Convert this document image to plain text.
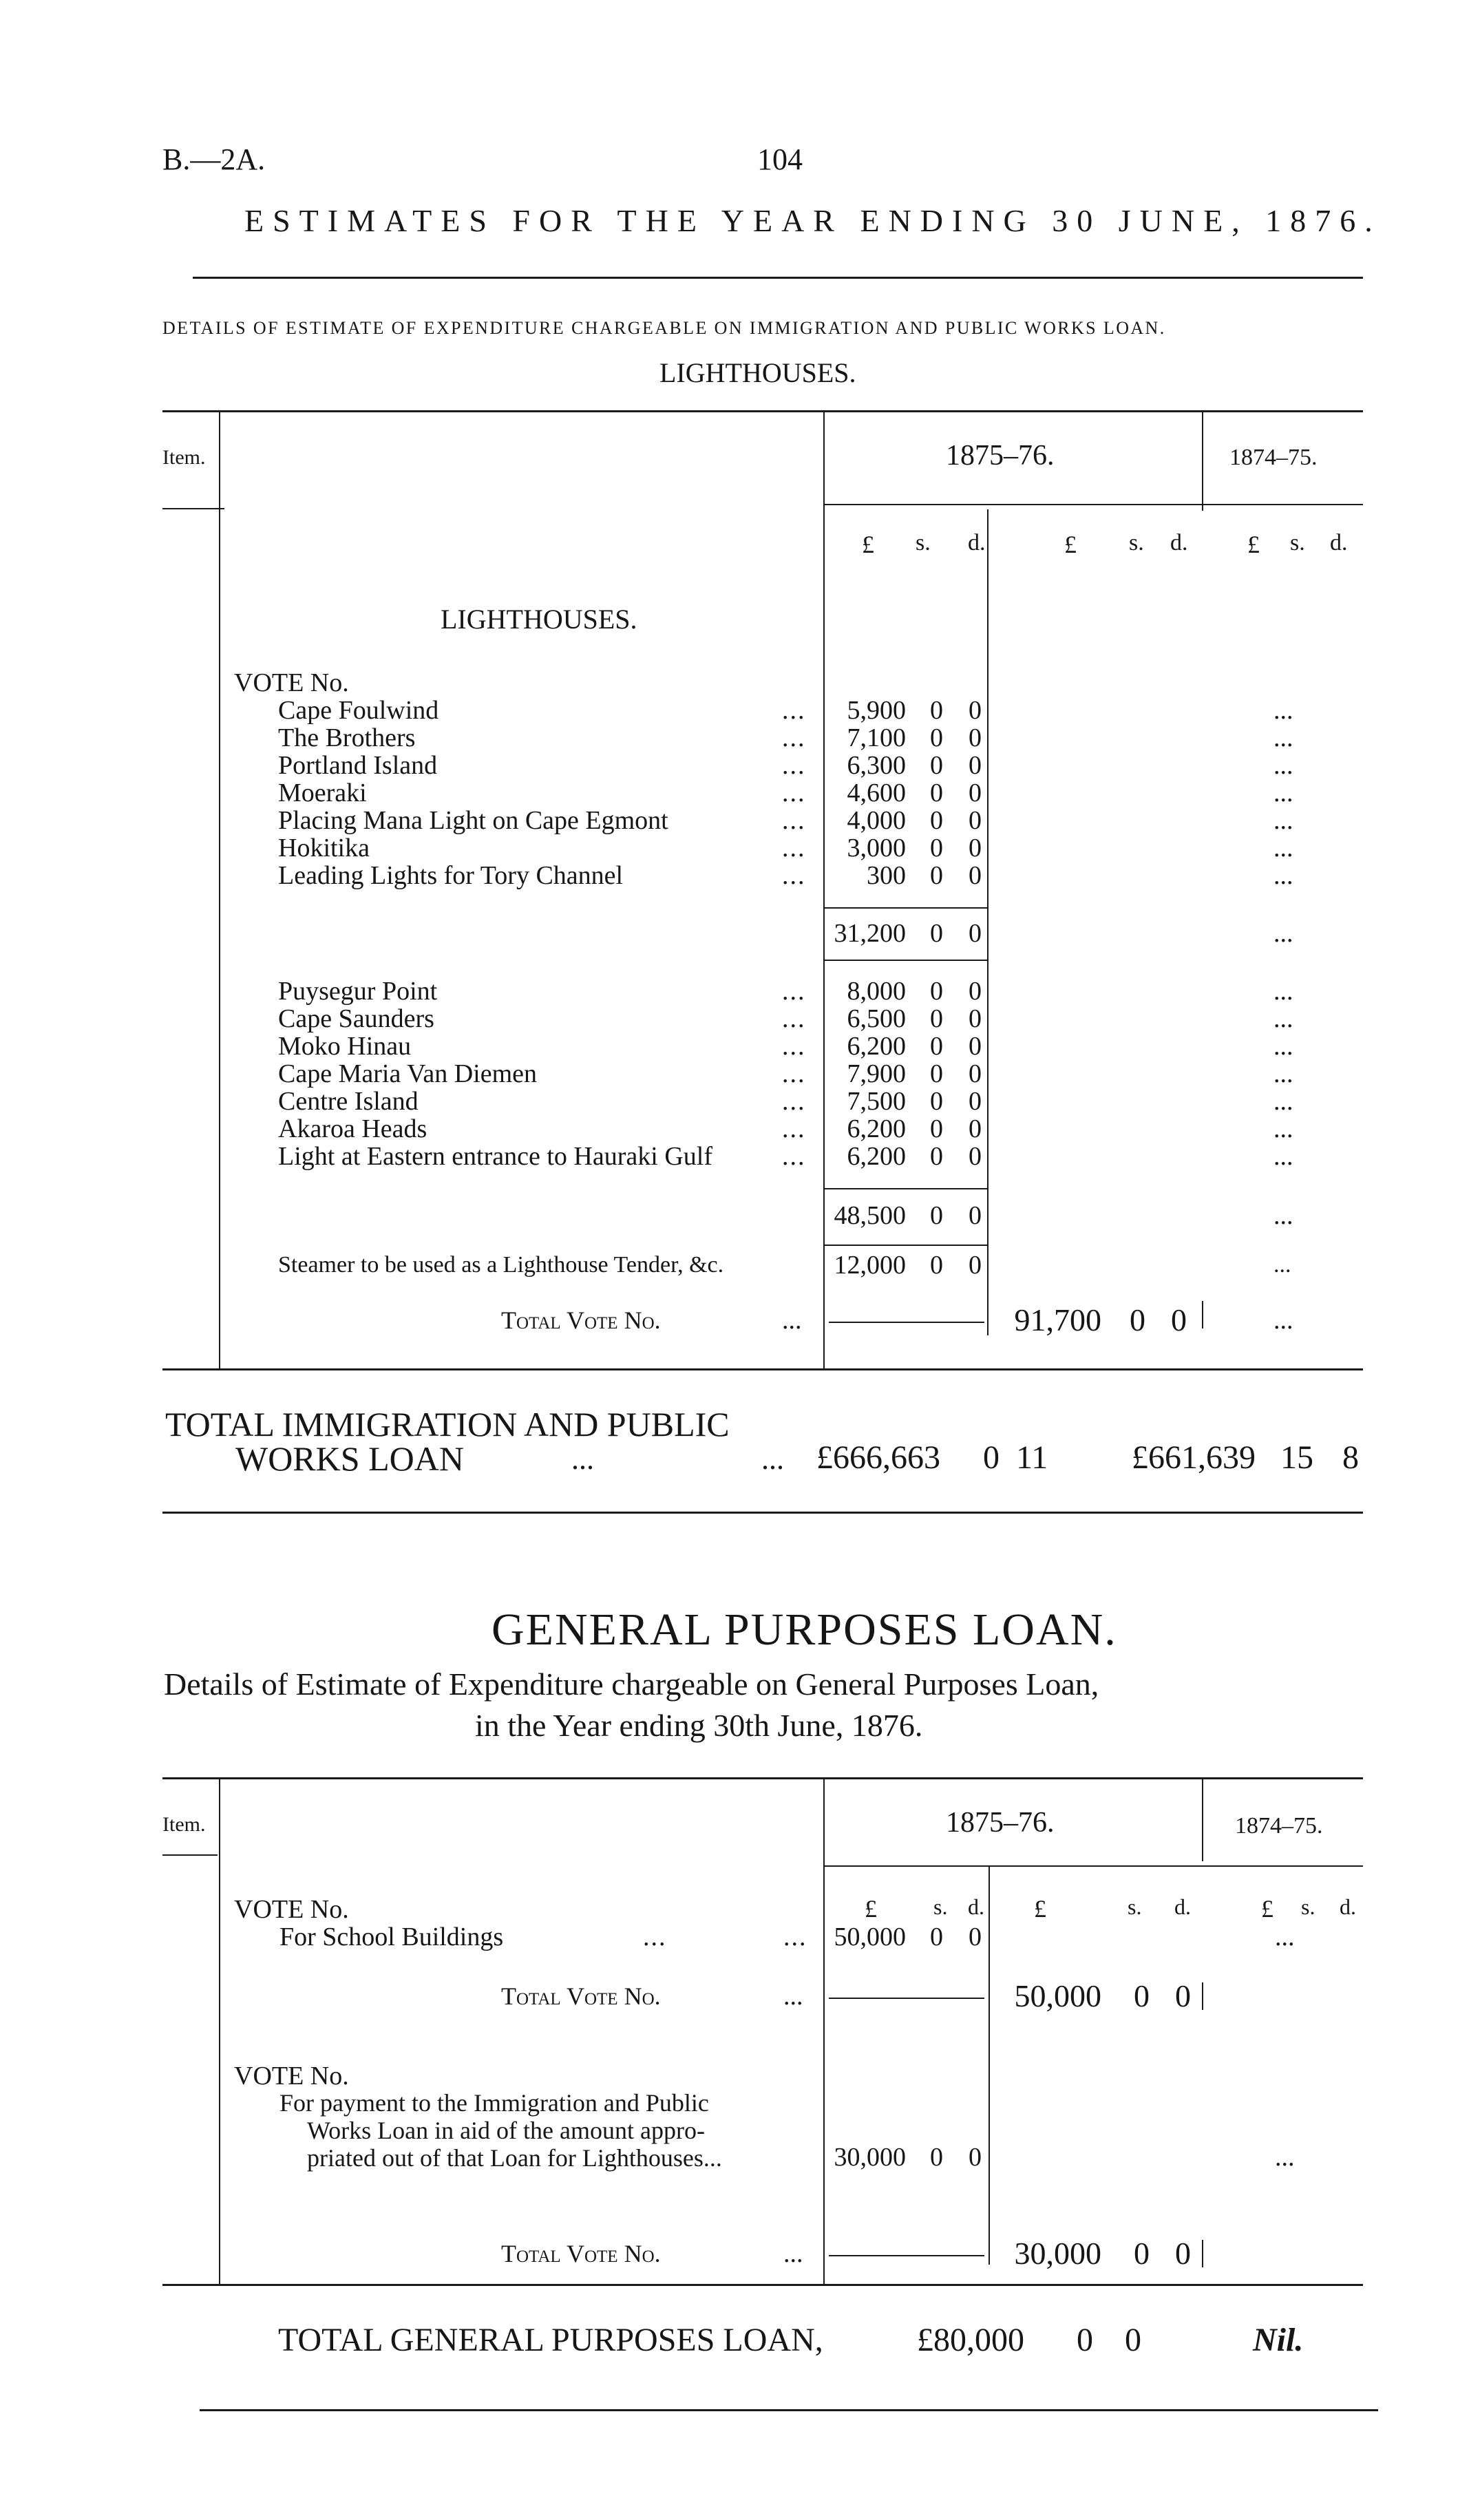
B.—2A.	104
ESTIMATES FOR THE YEAR ENDING 30 JUNE, 1876.
DETAILS OF ESTIMATE OF EXPENDITURE CHARGEABLE ON IMMIGRATION AND PUBLIC WORKS LOAN.
LIGHTHOUSES.
Item.	1875–76.	1874–75.
£ s. d.	£ s. d. £ s. d.
LIGHTHOUSES.
VOTE No.
Cape Foulwind	...	5,900 0 0	...
The Brothers	...	7,100 0 0	...
Portland Island	...	6,300 0 0	...
Moeraki	...	4,600 0 0	...
Placing Mana Light on Cape Egmont	...	4,000 0 0	...
Hokitika	...	3,000 0 0	...
Leading Lights for Tory Channel	...	300 0 0	...
31,200 0 0	...
Puysegur Point	...	8,000 0 0	...
Cape Saunders	...	6,500 0 0	...
Moko Hinau	...	6,200 0 0	...
Cape Maria Van Diemen	...	7,900 0 0	...
Centre Island	...	7,500 0 0	...
Akaroa Heads	...	6,200 0 0	...
Light at Eastern entrance to Hauraki Gulf	...	6,200 0 0	...
48,500 0 0	...
Steamer to be used as a Lighthouse Tender, &c.	12,000 0 0	...
Total Vote No.	...	91,700 0 0	...
TOTAL IMMIGRATION AND PUBLIC
WORKS LOAN	...	... £666,663 0 11	£661,639 15 8
GENERAL PURPOSES LOAN.
Details of Estimate of Expenditure chargeable on General Purposes Loan,
in the Year ending 30th June, 1876.
Item.	1875–76.	1874–75.
£	s. d. £	s. d.	£ s. d.
VOTE No.
For School Buildings	...	...	50,000 0 0	...
Total Vote No.	...	50,000 0 0
VOTE No.
For payment to the Immigration and Public
Works Loan in aid of the amount appro-
priated out of that Loan for Lighthouses...	30,000 0 0	...
Total Vote No.	...	30,000 0 0
TOTAL GENERAL PURPOSES LOAN,	£80,000 0 0	Nil.
